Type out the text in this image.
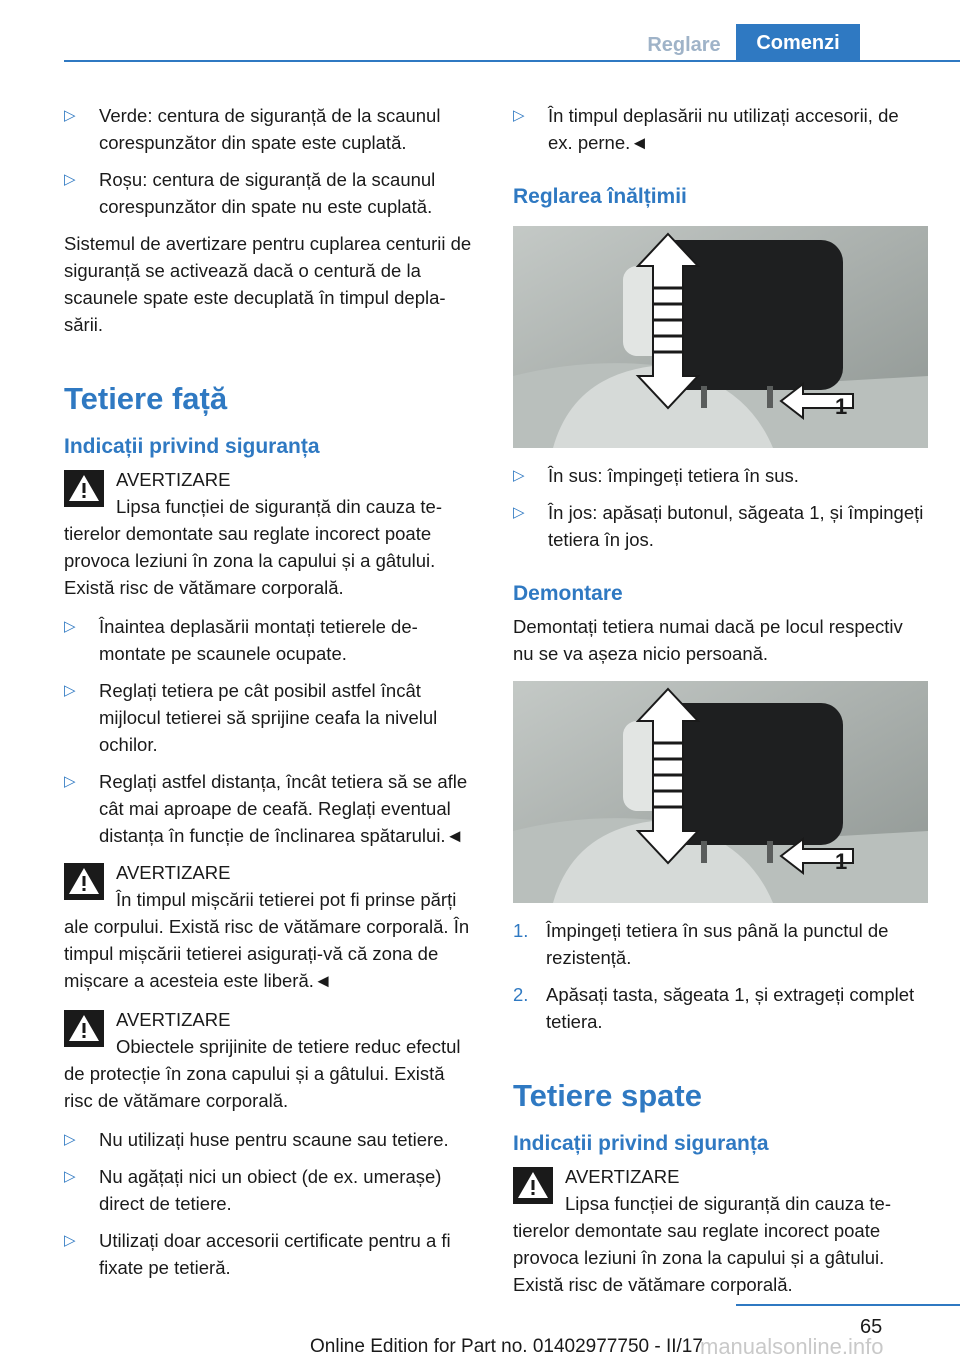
Reglare	Comenzi
▷ Verde: centura de siguranță de la scaunul corespunzător din spate este cuplată.
▷ Roșu: centura de siguranță de la scaunul corespunzător din spate nu este cuplată.
Sistemul de avertizare pentru cuplarea centurii de siguranță se activează dacă o centură de la scaunele spate este decuplată în timpul deplasării.
Tetiere față
Indicații privind siguranța
AVERTIZARE
Lipsa funcției de siguranță din cauza tetierelor demontate sau reglate incorect poate provoca leziuni în zona la capului și a gâtului. Există risc de vătămare corporală.
▷ Înaintea deplasării montați tetierele demontate pe scaunele ocupate.
▷ Reglați tetiera pe cât posibil astfel încât mijlocul tetierei să sprijine ceafa la nivelul ochilor.
▷ Reglați astfel distanța, încât tetiera să se afle cât mai aproape de ceafă. Reglați eventual distanța în funcție de înclinarea spătarului.◄
AVERTIZARE
În timpul mișcării tetierei pot fi prinse părți ale corpului. Există risc de vătămare corporală. În timpul mișcării tetierei asigurați-vă că zona de mișcare a acesteia este liberă.◄
AVERTIZARE
Obiectele sprijinite de tetiere reduc efectul de protecție în zona capului și a gâtului. Există risc de vătămare corporală.
▷ Nu utilizați huse pentru scaune sau tetiere.
▷ Nu agățați nici un obiect (de ex. umerașe) direct de tetiere.
▷ Utilizați doar accesorii certificate pentru a fi fixate pe tetieră.
▷ În timpul deplasării nu utilizați accesorii, de ex. perne.◄
Reglarea înălțimii
1
▷ În sus: împingeți tetiera în sus.
▷ În jos: apăsați butonul, săgeata 1, și împingeți tetiera în jos.
Demontare
Demontați tetiera numai dacă pe locul respectiv nu se va așeza nicio persoană.
1
1. Împingeți tetiera în sus până la punctul de rezistență.
2. Apăsați tasta, săgeata 1, și extrageți complet tetiera.
Tetiere spate
Indicații privind siguranța
AVERTIZARE
Lipsa funcției de siguranță din cauza tetierelor demontate sau reglate incorect poate provoca leziuni în zona la capului și a gâtului. Există risc de vătămare corporală.
65
Online Edition for Part no. 01402977750 - II/17
manualsonline.info
